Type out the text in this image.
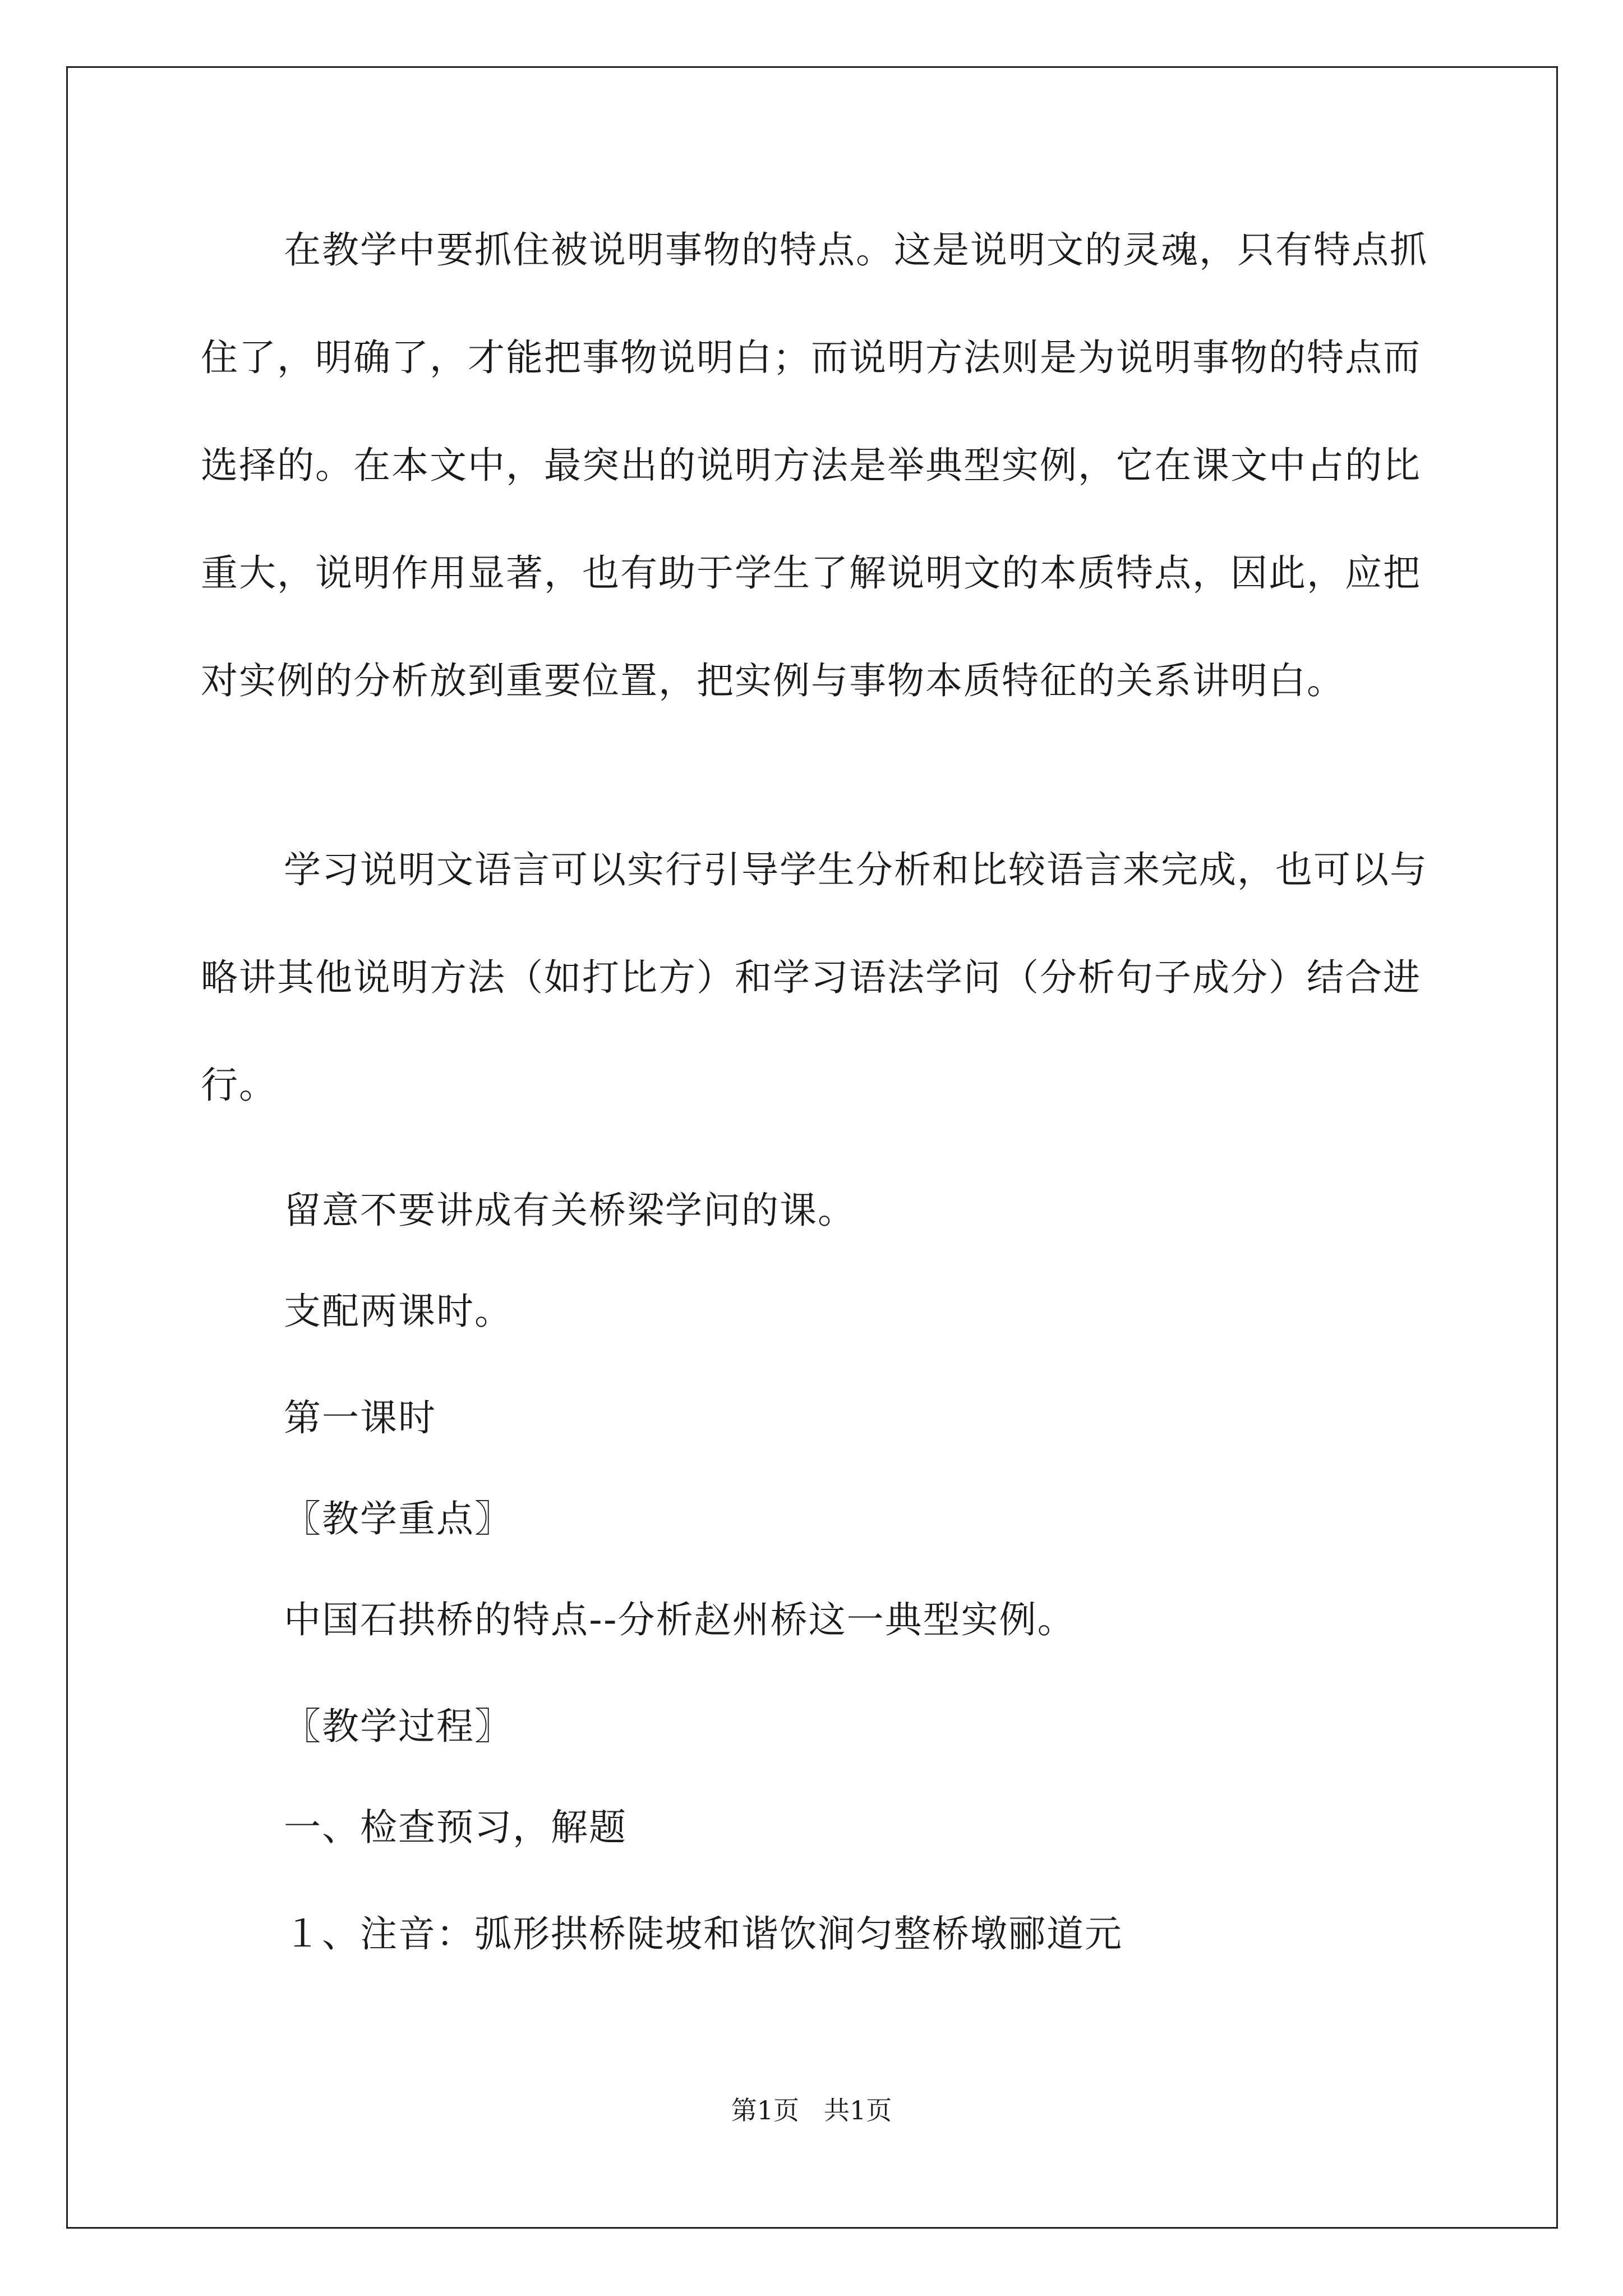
在教学中要抓住被说明事物的特点。这是说明文的灵魂，只有特点抓住了，明确了，才能把事物说明白；而说明方法则是为说明事物的特点而选择的。在本文中，最突出的说明方法是举典型实例，它在课文中占的比重大，说明作用显著，也有助于学生了解说明文的本质特点，因此，应把对实例的分析放到重要位置，把实例与事物本质特征的关系讲明白。

学习说明文语言可以实行引导学生分析和比较语言来完成，也可以与略讲其他说明方法（如打比方）和学习语法学问（分析句子成分）结合进行。

留意不要讲成有关桥梁学问的课。

支配两课时。

第一课时

〖教学重点〗

中国石拱桥的特点--分析赵州桥这一典型实例。

〖教学过程〗

一、检查预习，解题

１、注音：弧形拱桥陡坡和谐饮涧匀整桥墩郦道元

第1页 共1页
